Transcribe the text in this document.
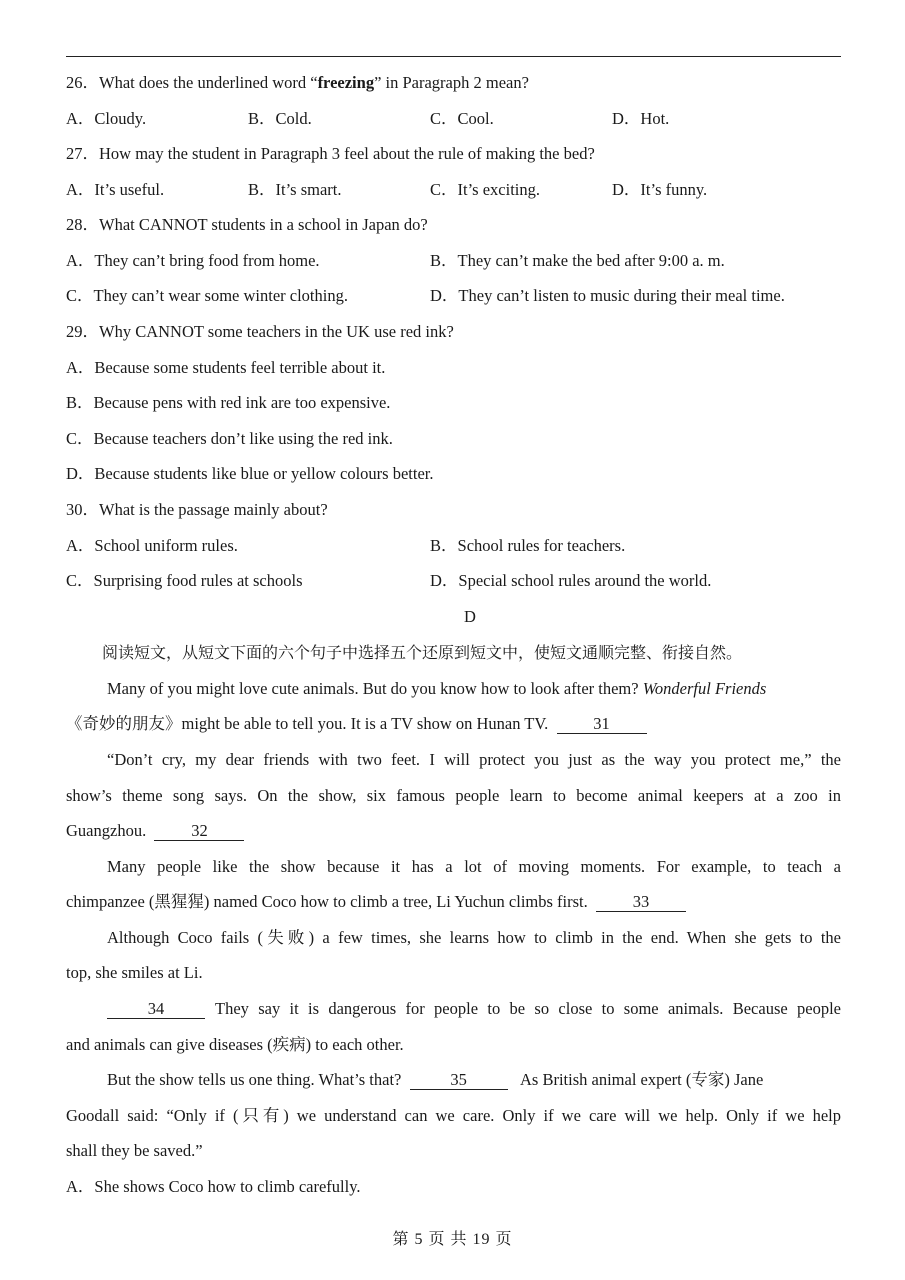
26．What does the underlined word “freezing” in Paragraph 2 mean?
A．Cloudy.	B．Cold.	C．Cool.	D．Hot.
27．How may the student in Paragraph 3 feel about the rule of making the bed?
A．It’s useful.	B．It’s smart.	C．It’s exciting.	D．It’s funny.
28．What CANNOT students in a school in Japan do?
A．They can’t bring food from home.	B．They can’t make the bed after 9:00 a. m.
C．They can’t wear some winter clothing.	D．They can’t listen to music during their meal time.
29．Why CANNOT some teachers in the UK use red ink?
A．Because some students feel terrible about it.
B．Because pens with red ink are too expensive.
C．Because teachers don’t like using the red ink.
D．Because students like blue or yellow colours better.
30．What is the passage mainly about?
A．School uniform rules.	B．School rules for teachers.
C．Surprising food rules at schools	D．Special school rules around the world.
D
阅读短文，从短文下面的六个句子中选择五个还原到短文中，使短文通顺完整、衔接自然。
Many of you might love cute animals. But do you know how to look after them? Wonderful Friends
《奇妙的朋友》might be able to tell you. It is a TV show on Hunan TV.	31
“Don’t cry, my dear friends with two feet. I will protect you just as the way you protect me,” the
show’s theme song says. On the show, six famous people learn to become animal keepers at a zoo in
Guangzhou.	32
Many people like the show because it has a lot of moving moments. For example, to teach a
chimpanzee (黑猩猩) named Coco how to climb a tree, Li Yuchun climbs first.	33
Although Coco fails (失败) a few times, she learns how to climb in the end. When she gets to the
top, she smiles at Li.
34	They say it is dangerous for people to be so close to some animals. Because people
and animals can give diseases (疾病) to each other.
But the show tells us one thing. What’s that?	35	As British animal expert (专家) Jane
Goodall said: “Only if (只有) we understand can we care. Only if we care will we help. Only if we help
shall they be saved.”
A．She shows Coco how to climb carefully.
第 5 页 共 19 页
